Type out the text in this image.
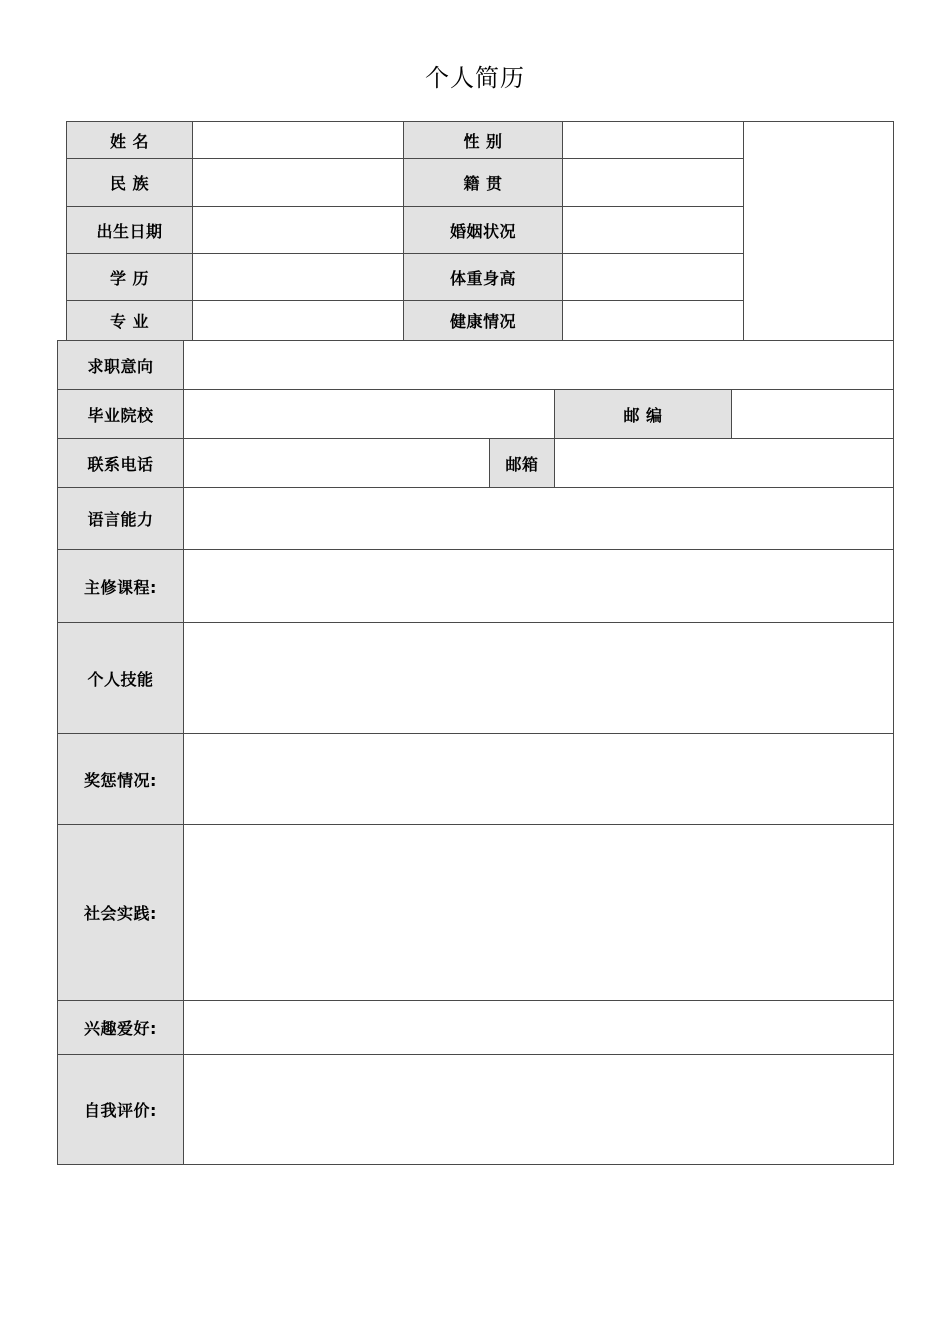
个人简历
姓 名	性 别
民 族	籍 贯
出生日期	婚姻状况
学 历	体重身高
专 业	健康情况
求职意向
毕业院校	邮 编
联系电话	邮箱
语言能力
主修课程:
个人技能
奖惩情况:
社会实践:
兴趣爱好:
自我评价:
